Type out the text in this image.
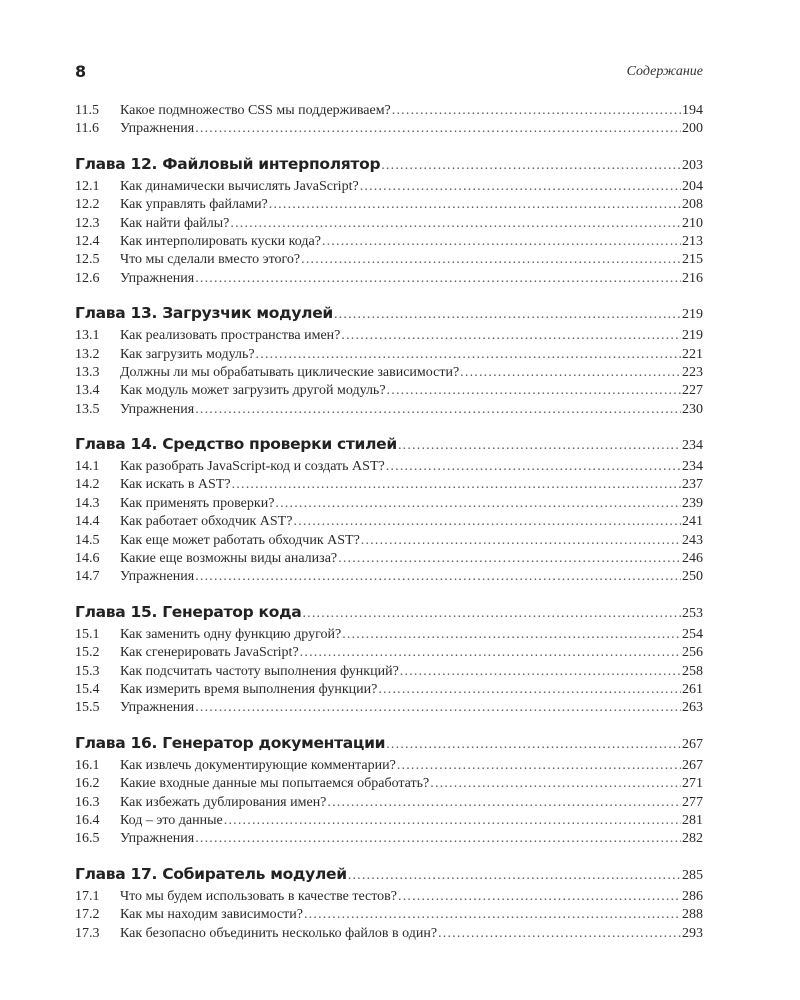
8	Содержание
11.5	Какое подмножество CSS мы поддерживаем? .....	194
11.6	Упражнения .....	200
Глава 12. Файловый интерполятор .....	203
12.1	Как динамически вычислять JavaScript? .....	204
12.2	Как управлять файлами? .....	208
12.3	Как найти файлы? .....	210
12.4	Как интерполировать куски кода? .....	213
12.5	Что мы сделали вместо этого? .....	215
12.6	Упражнения .....	216
Глава 13. Загрузчик модулей .....	219
13.1	Как реализовать пространства имен? .....	219
13.2	Как загрузить модуль? .....	221
13.3	Должны ли мы обрабатывать циклические зависимости? .....	223
13.4	Как модуль может загрузить другой модуль? .....	227
13.5	Упражнения .....	230
Глава 14. Средство проверки стилей .....	234
14.1	Как разобрать JavaScript-код и создать AST? .....	234
14.2	Как искать в AST? .....	237
14.3	Как применять проверки? .....	239
14.4	Как работает обходчик AST? .....	241
14.5	Как еще может работать обходчик AST? .....	243
14.6	Какие еще возможны виды анализа? .....	246
14.7	Упражнения .....	250
Глава 15. Генератор кода .....	253
15.1	Как заменить одну функцию другой? .....	254
15.2	Как сгенерировать JavaScript? .....	256
15.3	Как подсчитать частоту выполнения функций? .....	258
15.4	Как измерить время выполнения функции? .....	261
15.5	Упражнения .....	263
Глава 16. Генератор документации .....	267
16.1	Как извлечь документирующие комментарии? .....	267
16.2	Какие входные данные мы попытаемся обработать? .....	271
16.3	Как избежать дублирования имен? .....	277
16.4	Код – это данные .....	281
16.5	Упражнения .....	282
Глава 17. Собиратель модулей .....	285
17.1	Что мы будем использовать в качестве тестов? .....	286
17.2	Как мы находим зависимости? .....	288
17.3	Как безопасно объединить несколько файлов в один? .....	293
